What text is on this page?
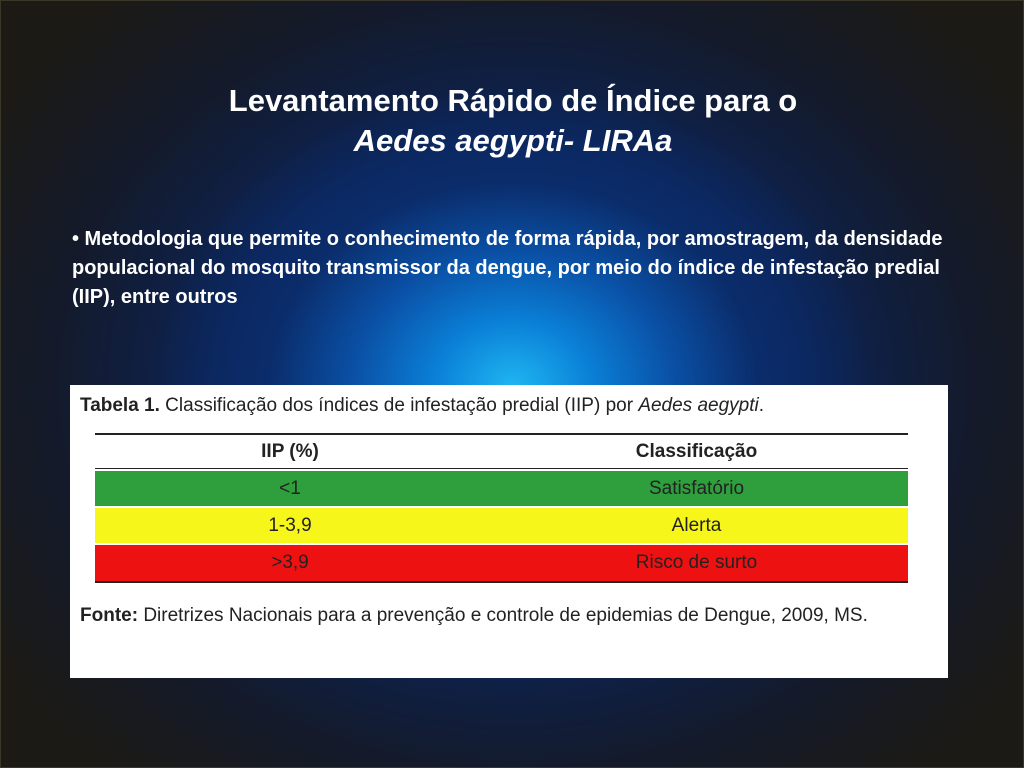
Levantamento Rápido de Índice para o
Aedes aegypti- LIRAa
• Metodologia que permite o conhecimento de forma rápida, por amostragem, da densidade populacional do mosquito transmissor da dengue, por meio do índice de infestação predial (IIP), entre outros
Tabela 1. Classificação dos índices de infestação predial (IIP) por Aedes aegypti.
IIP (%)	Classificação
<1	Satisfatório
1-3,9	Alerta
>3,9	Risco de surto
Fonte: Diretrizes Nacionais para a prevenção e controle de epidemias de Dengue, 2009, MS.
